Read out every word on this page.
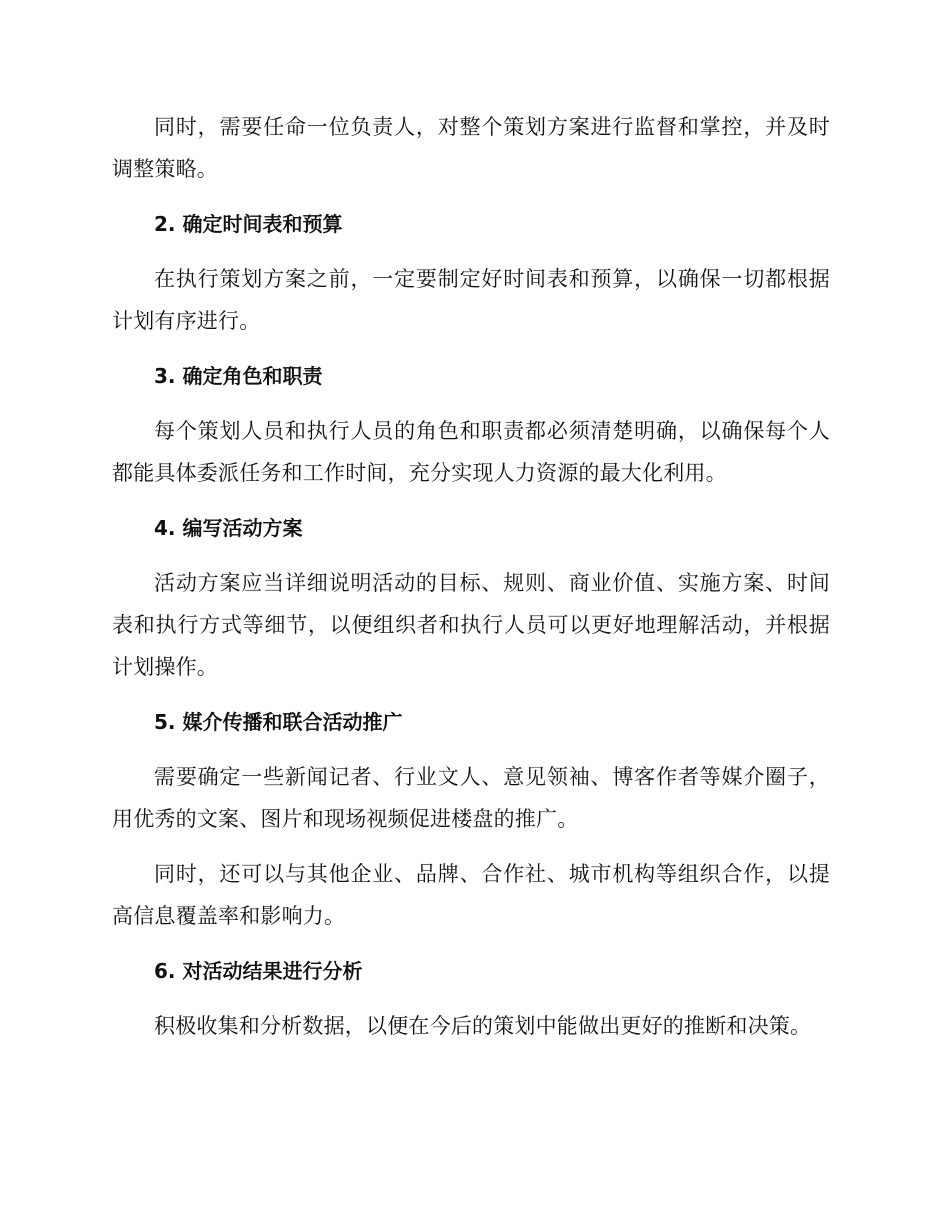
同时，需要任命一位负责人，对整个策划方案进行监督和掌控，并及时调整策略。

2. 确定时间表和预算

在执行策划方案之前，一定要制定好时间表和预算，以确保一切都根据计划有序进行。

3. 确定角色和职责

每个策划人员和执行人员的角色和职责都必须清楚明确，以确保每个人都能具体委派任务和工作时间，充分实现人力资源的最大化利用。

4. 编写活动方案

活动方案应当详细说明活动的目标、规则、商业价值、实施方案、时间表和执行方式等细节，以便组织者和执行人员可以更好地理解活动，并根据计划操作。

5. 媒介传播和联合活动推广

需要确定一些新闻记者、行业文人、意见领袖、博客作者等媒介圈子，用优秀的文案、图片和现场视频促进楼盘的推广。

同时，还可以与其他企业、品牌、合作社、城市机构等组织合作，以提高信息覆盖率和影响力。

6. 对活动结果进行分析

积极收集和分析数据，以便在今后的策划中能做出更好的推断和决策。
